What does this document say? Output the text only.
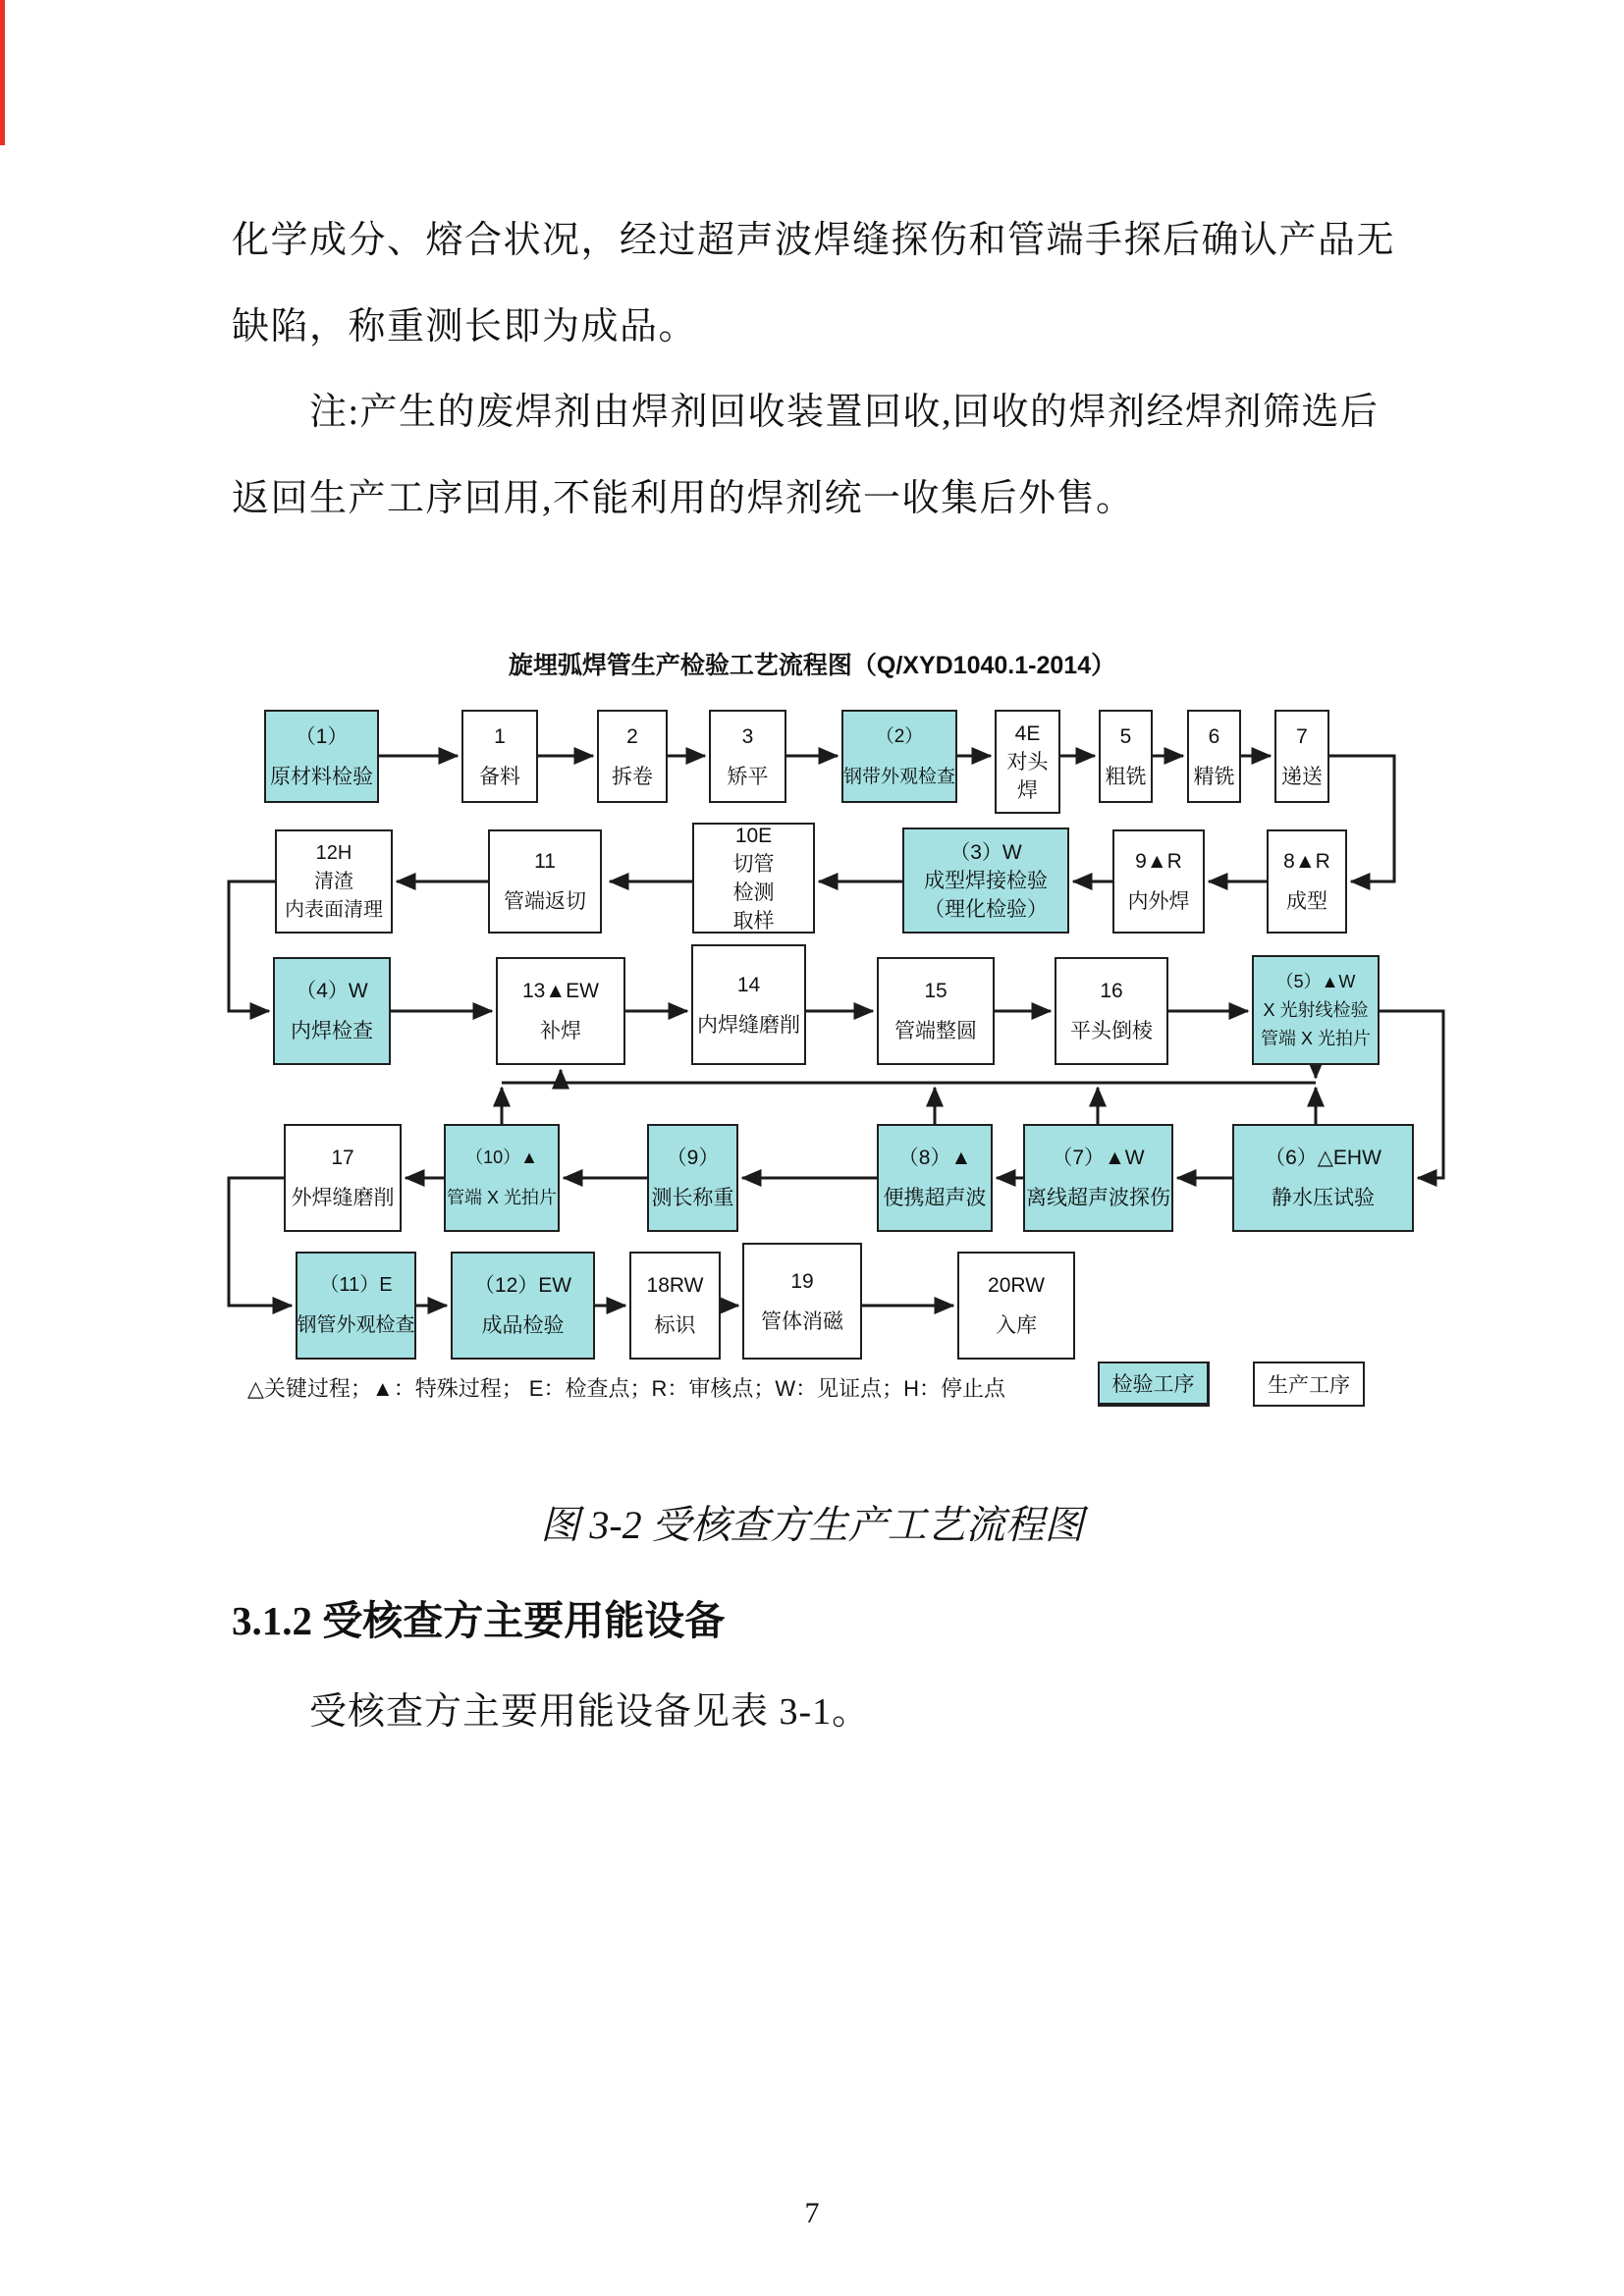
化学成分、熔合状况，经过超声波焊缝探伤和管端手探后确认产品无
缺陷，称重测长即为成品。
注:产生的废焊剂由焊剂回收装置回收,回收的焊剂经焊剂筛选后
返回生产工序回用,不能利用的焊剂统一收集后外售。
旋埋弧焊管生产检验工艺流程图（Q/XYD1040.1-2014）
（1）
原材料检验
1
备料
2
拆卷
3
矫平
（2）
钢带外观检查
4E
对头
焊
5
粗铣
6
精铣
7
递送
12H
清渣
内表面清理
11
管端返切
10E
切管
检测
取样
（3）W
成型焊接检验
（理化检验）
9▲R
内外焊
8▲R
成型
（4）W
内焊检查
13▲EW
补焊
14
内焊缝磨削
15
管端整圆
16
平头倒棱
（5）▲W
X 光射线检验
管端 X 光拍片
17
外焊缝磨削
（10）▲
管端 X 光拍片
（9）
测长称重
（8）▲
便携超声波
（7）▲W
离线超声波探伤
（6）△EHW
静水压试验
（11）E
钢管外观检查
（12）EW
成品检验
18RW
标识
19
管体消磁
20RW
入库
△关键过程；▲：特殊过程； E：检查点；R：审核点；W：见证点；H：停止点	检验工序	生产工序
图 3-2 受核查方生产工艺流程图
3.1.2 受核查方主要用能设备
受核查方主要用能设备见表 3-1。
7
